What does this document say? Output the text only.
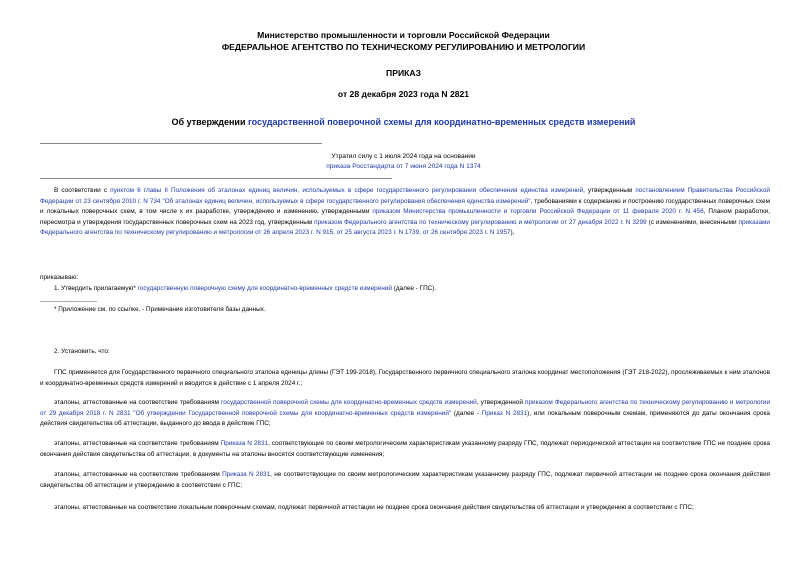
Министерство промышленности и торговли Российской Федерации
ФЕДЕРАЛЬНОЕ АГЕНТСТВО ПО ТЕХНИЧЕСКОМУ РЕГУЛИРОВАНИЮ И МЕТРОЛОГИИ
ПРИКАЗ
от 28 декабря 2023 года N 2821
Об утверждении государственной поверочной схемы для координатно-временных средств измерений
Утратил силу с 1 июля 2024 года на основании
приказа Росстандарта от 7 июня 2024 года N 1374
В соответствии с пунктом 6 главы II Положения об эталонах единиц величин, используемых в сфере государственного регулирования обеспечения единства измерений, утвержденным постановлением Правительства Российской Федерации от 23 сентября 2010 г. N 734 "Об эталонах единиц величин, используемых в сфере государственного регулирования обеспечения единства измерений", требованиями к содержанию и построению государственных поверочных схем и локальных поверочных схем, в том числе к их разработке, утверждению и изменению, утвержденными приказом Министерства промышленности и торговли Российской Федерации от 11 февраля 2020 г. N 456, Планом разработки, пересмотра и утверждения государственных поверочных схем на 2023 год, утвержденным приказом Федерального агентства по техническому регулированию и метрологии от 27 декабря 2022 г. N 3299 (с изменениями, внесенными приказами Федерального агентства по техническому регулированию и метрологии от 26 апреля 2023 г. N 915, от 25 августа 2023 г. N 1739, от 26 сентября 2023 г. N 1957),
приказываю:
1. Утвердить прилагаемую* государственную поверочную схему для координатно-временных средств измерений (далее - ГПС).
________________
* Приложение см. по ссылке. - Примечание изготовителя базы данных.
2. Установить, что:
ГПС применяется для Государственного первичного специального эталона единицы длины (ГЭТ 199-2018), Государственного первичного специального эталона координат местоположения (ГЭТ 218-2022), прослеживаемых к ним эталонов и координатно-временных средств измерений и вводится в действие с 1 апреля 2024 г.;
эталоны, аттестованные на соответствие требованиям государственной поверочной схемы для координатно-временных средств измерений, утвержденной приказом Федерального агентства по техническому регулированию и метрологии от 29 декабря 2018 г. N 2831 "Об утверждении Государственной поверочной схемы для координатно-временных средств измерений" (далее - Приказ N 2831), или локальным поверочным схемам, применяются до даты окончания срока действия свидетельства об аттестации, выданного до ввода в действие ГПС;
эталоны, аттестованные на соответствие требованиям Приказа N 2831, соответствующие по своим метрологическим характеристикам указанному разряду ГПС, подлежат периодической аттестации на соответствие ГПС не позднее срока окончания действия свидетельства об аттестации, в документы на эталоны вносятся соответствующие изменения;
эталоны, аттестованные на соответствие требованиям Приказа N 2831, не соответствующие по своим метрологическим характеристикам указанному разряду ГПС, подлежат первичной аттестации не позднее срока окончания действия свидетельства об аттестации и утверждению в соответствии с ГПС;
эталоны, аттестованные на соответствие локальным поверочным схемам, подлежат первичной аттестации не позднее срока окончания действия свидетельства об аттестации и утверждению в соответствии с ГПС;
